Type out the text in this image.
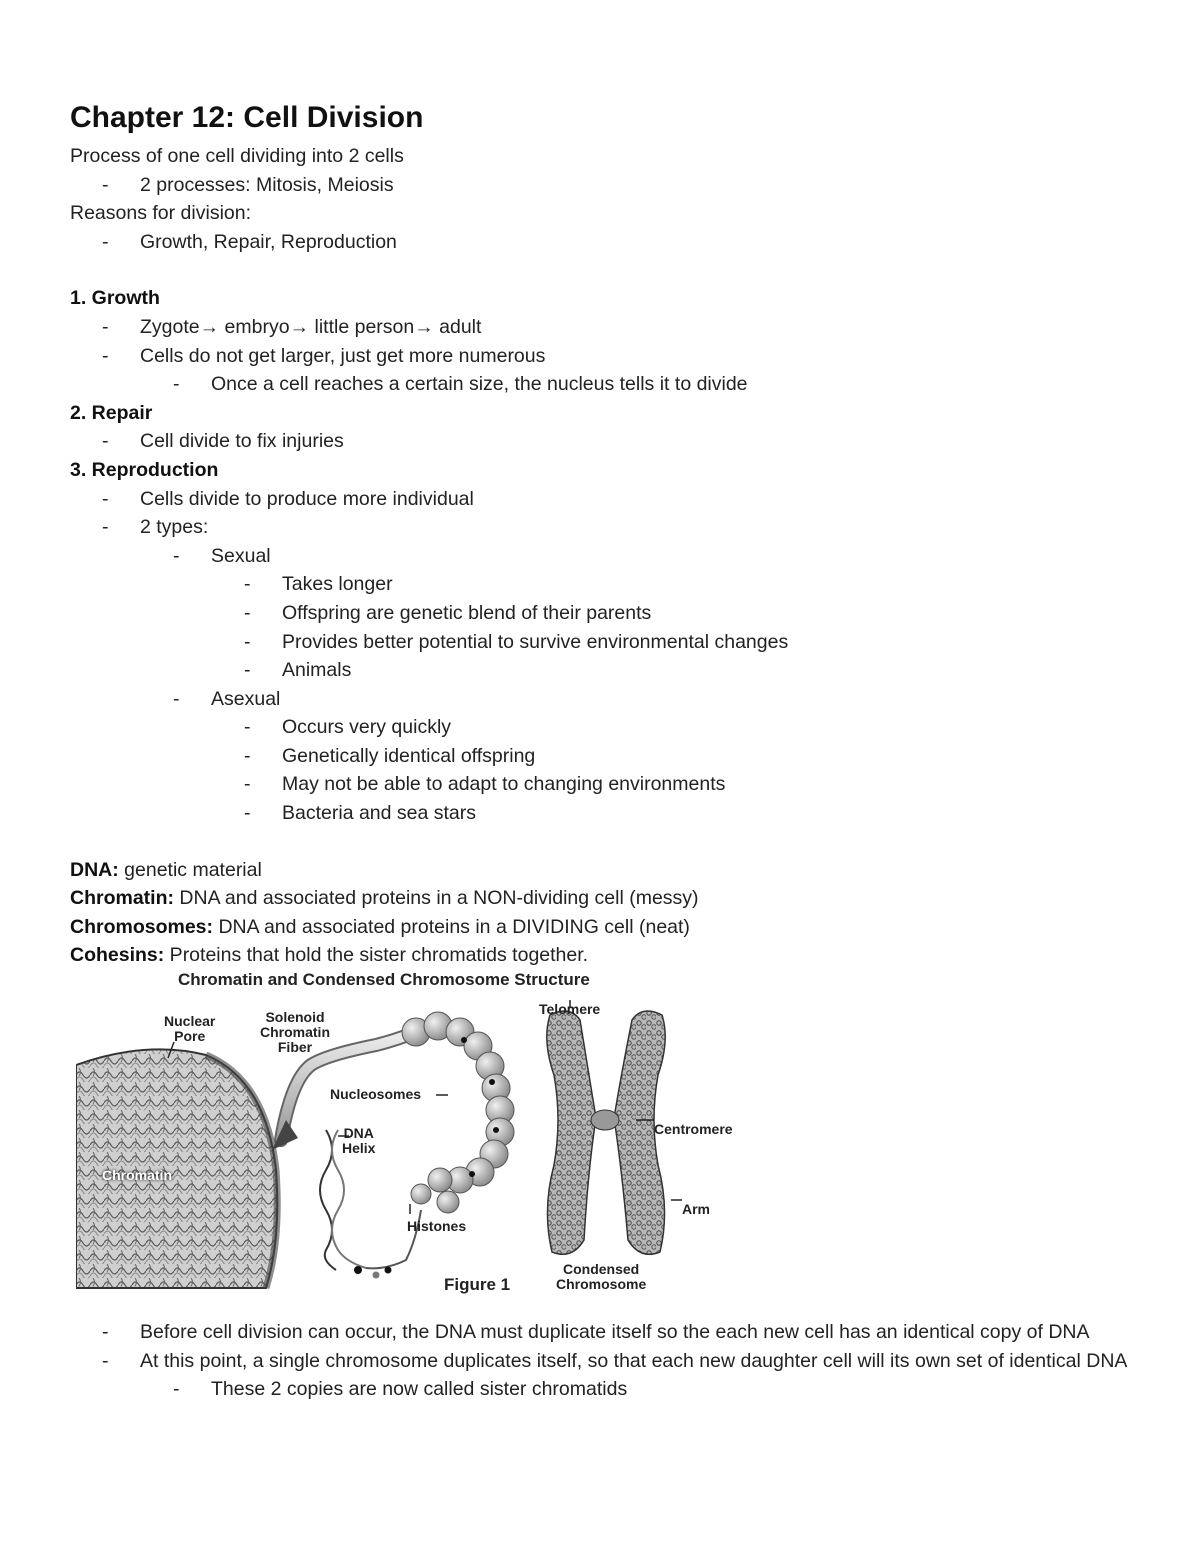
Chapter 12: Cell Division
Process of one cell dividing into 2 cells
- 2 processes: Mitosis, Meiosis
Reasons for division:
- Growth, Repair, Reproduction
1. Growth
- Zygote→ embryo→ little person→ adult
- Cells do not get larger, just get more numerous
- Once a cell reaches a certain size, the nucleus tells it to divide
2. Repair
- Cell divide to fix injuries
3. Reproduction
- Cells divide to produce more individual
- 2 types:
- Sexual
- Takes longer
- Offspring are genetic blend of their parents
- Provides better potential to survive environmental changes
- Animals
- Asexual
- Occurs very quickly
- Genetically identical offspring
- May not be able to adapt to changing environments
- Bacteria and sea stars
DNA: genetic material
Chromatin: DNA and associated proteins in a NON-dividing cell (messy)
Chromosomes: DNA and associated proteins in a DIVIDING cell (neat)
Cohesins: Proteins that hold the sister chromatids together.
Chromatin and Condensed Chromosome Structure
Nuclear
Pore
Solenoid
Chromatin
Fiber
Nucleosomes
DNA
Helix
Histones
Chromatin
Telomere
Centromere
Arm
Condensed
Chromosome
Figure 1
- Before cell division can occur, the DNA must duplicate itself so the each new cell has an identical copy of DNA
- At this point, a single chromosome duplicates itself, so that each new daughter cell will its own set of identical DNA
- These 2 copies are now called sister chromatids
